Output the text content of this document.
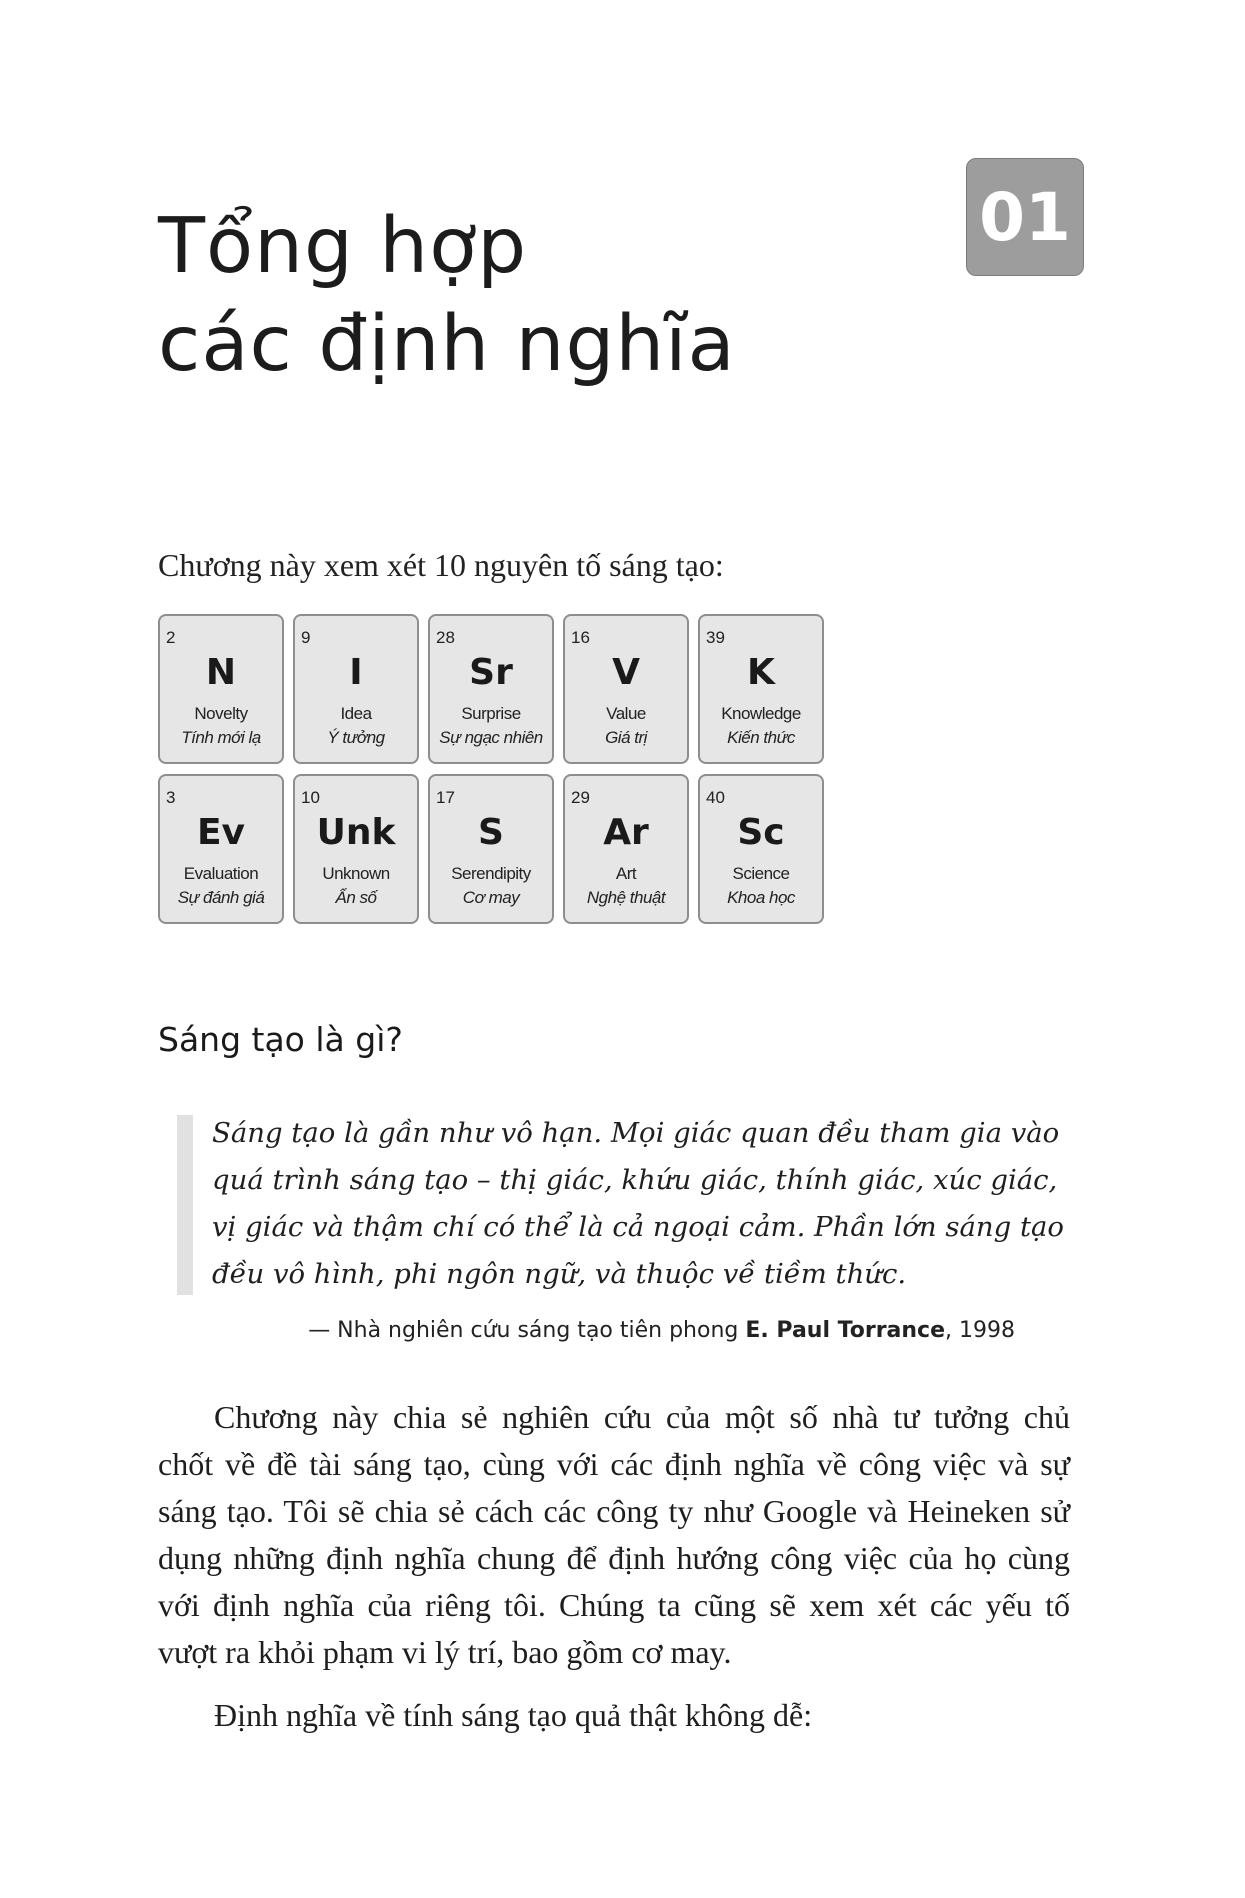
Tổng hợp
các định nghĩa
01

Chương này xem xét 10 nguyên tố sáng tạo:

2
N
Novelty
Tính mới lạ
9
I
Idea
Ý tưởng
28
Sr
Surprise
Sự ngạc nhiên
16
V
Value
Giá trị
39
K
Knowledge
Kiến thức
3
Ev
Evaluation
Sự đánh giá
10
Unk
Unknown
Ẩn số
17
S
Serendipity
Cơ may
29
Ar
Art
Nghệ thuật
40
Sc
Science
Khoa học
Sáng tạo là gì?
Sáng tạo là gần như vô hạn. Mọi giác quan đều tham gia vào
quá trình sáng tạo – thị giác, khứu giác, thính giác, xúc giác,
vị giác và thậm chí có thể là cả ngoại cảm. Phần lớn sáng tạo
đều vô hình, phi ngôn ngữ, và thuộc về tiềm thức.
— Nhà nghiên cứu sáng tạo tiên phong E. Paul Torrance, 1998

Chương này chia sẻ nghiên cứu của một số nhà tư tưởng chủ
chốt về đề tài sáng tạo, cùng với các định nghĩa về công việc và sự
sáng tạo. Tôi sẽ chia sẻ cách các công ty như Google và Heineken sử
dụng những định nghĩa chung để định hướng công việc của họ cùng
với định nghĩa của riêng tôi. Chúng ta cũng sẽ xem xét các yếu tố
vượt ra khỏi phạm vi lý trí, bao gồm cơ may.

Định nghĩa về tính sáng tạo quả thật không dễ:
